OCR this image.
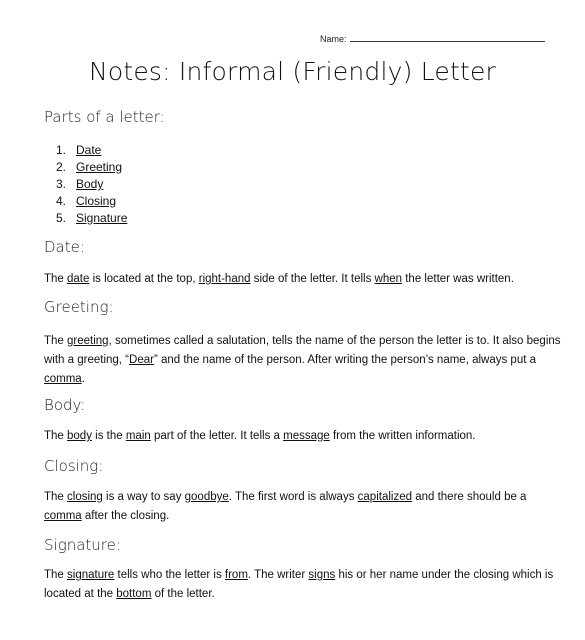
Name:
Notes: Informal (Friendly) Letter
Parts of a letter:
1. Date
2. Greeting
3. Body
4. Closing
5. Signature
Date:
The date is located at the top, right-hand side of the letter. It tells when the letter was written.
Greeting:
The greeting, sometimes called a salutation, tells the name of the person the letter is to. It also begins with a greeting, “Dear” and the name of the person. After writing the person’s name, always put a comma.
Body:
The body is the main part of the letter. It tells a message from the written information.
Closing:
The closing is a way to say goodbye. The first word is always capitalized and there should be a comma after the closing.
Signature:
The signature tells who the letter is from. The writer signs his or her name under the closing which is located at the bottom of the letter.
